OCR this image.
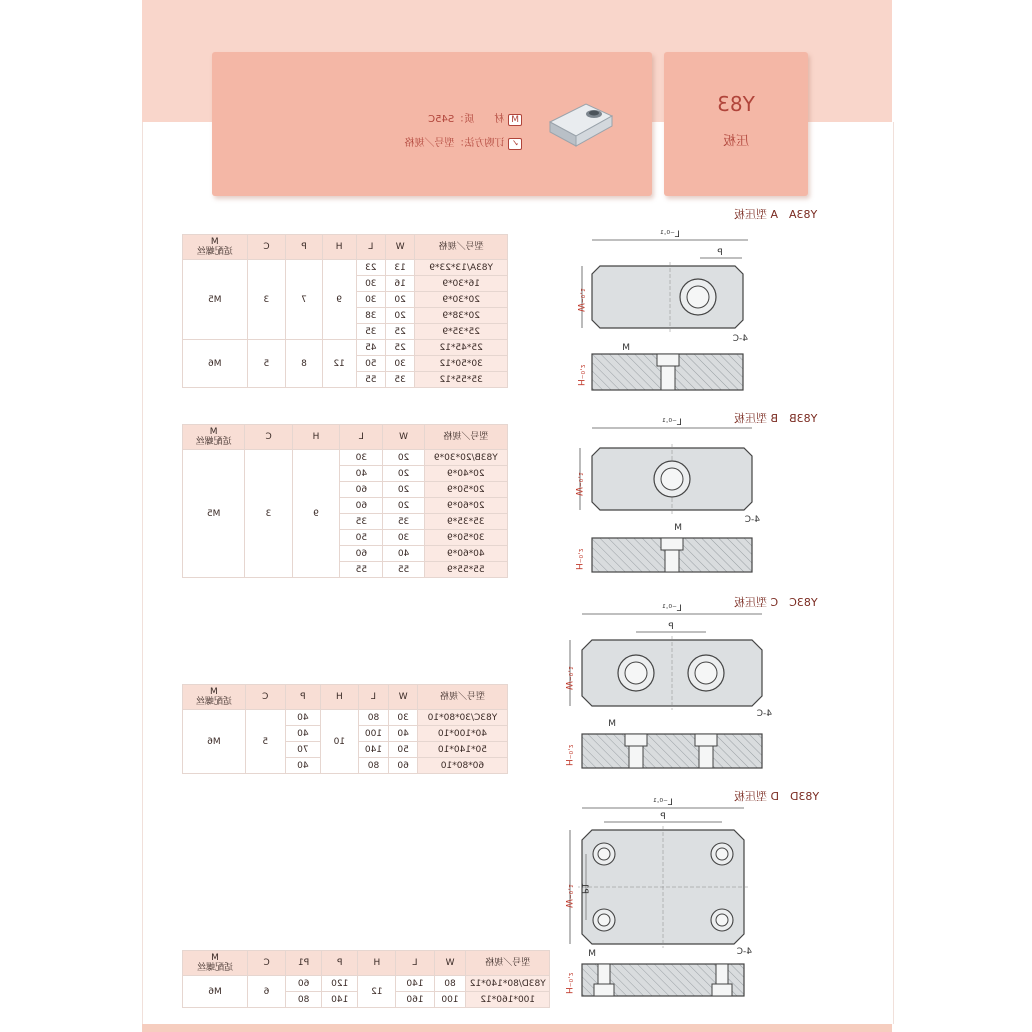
Y83
压板
M材　　质：S45C
✓订购方法：型号／规格
Y83A　A 型压板
型号／规格	W	L	H	P	C	M
适配螺丝
Y83A/13*23*9	13	23	9	7	3	M5
16*30*9	16	30				
20*30*9	20	30				
20*38*9	20	38				
25*35*9	25	35				
25*45*12	25	45	12	8	5	M6
30*50*12	30	50				
35*55*12	35	55				
L⁻⁰·¹
P
W⁻⁰·¹
4-C
M
H⁻⁰·²
Y83B　B 型压板
型号／规格	W	L	H	C	M
适配螺丝
Y83B/20*30*9	20	30	9	3	M5
20*40*9	20	40			
20*50*9	20	60			
20*60*9	20	60			
35*35*9	35	35			
30*50*9	30	50			
40*60*9	40	60			
55*55*9	55	55			
L⁻⁰·¹
W⁻⁰·¹
4-C
M
H⁻⁰·²
Y83C　C 型压板
型号／规格	W	L	H	P	C	M
适配螺丝
Y83C/30*80*10	30	80	10	40	5	M6
40*100*10	40	100		40		
50*140*10	50	140		70		
60*80*10	60	80		40		
L⁻⁰·¹
P
W⁻⁰·¹
4-C
M
H⁻⁰·²
Y83D　D 型压板
型号／规格	W	L	H	P	P1	C	M
适配螺丝
Y83D/80*140*12	80	140	12	120	60	6	M6
100*160*12	100	160		140	80		
L⁻⁰·¹
P
W⁻⁰·¹ P1
4-C
M
H⁻⁰·²
